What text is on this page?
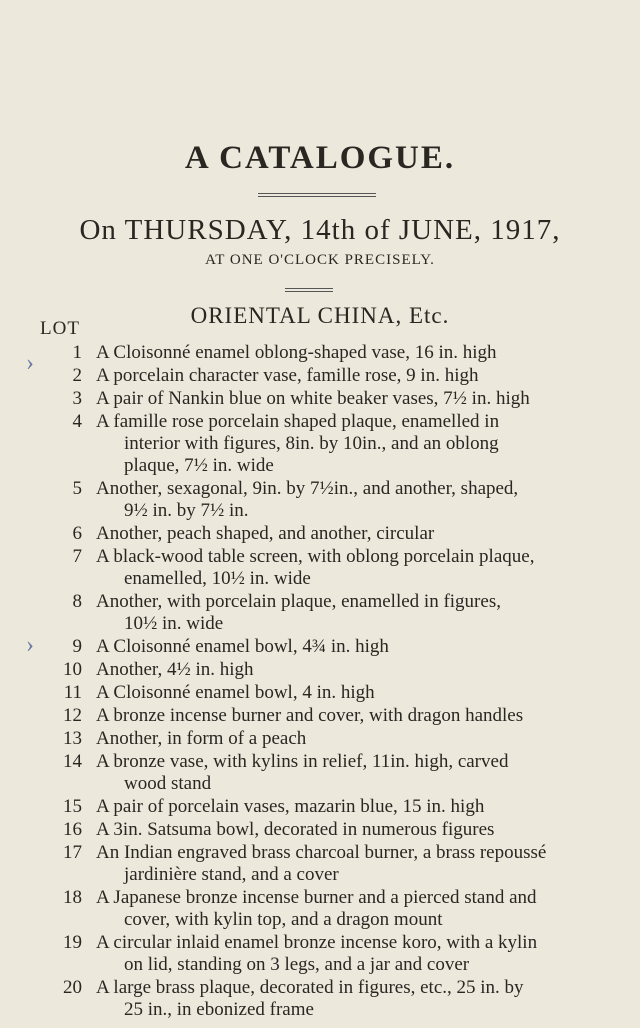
›
›
A CATALOGUE.
On THURSDAY, 14th of JUNE, 1917,
AT ONE O'CLOCK PRECISELY.
ORIENTAL CHINA, Etc.
LOT
1 A Cloisonné enamel oblong-shaped vase, 16 in. high
2 A porcelain character vase, famille rose, 9 in. high
3 A pair of Nankin blue on white beaker vases, 7½ in. high
4 A famille rose porcelain shaped plaque, enamelled in
interior with figures, 8in. by 10in., and an oblong
plaque, 7½ in. wide
5 Another, sexagonal, 9in. by 7½in., and another, shaped,
9½ in. by 7½ in.
6 Another, peach shaped, and another, circular
7 A black-wood table screen, with oblong porcelain plaque,
enamelled, 10½ in. wide
8 Another, with porcelain plaque, enamelled in figures,
10½ in. wide
9 A Cloisonné enamel bowl, 4¾ in. high
10 Another, 4½ in. high
11 A Cloisonné enamel bowl, 4 in. high
12 A bronze incense burner and cover, with dragon handles
13 Another, in form of a peach
14 A bronze vase, with kylins in relief, 11in. high, carved
wood stand
15 A pair of porcelain vases, mazarin blue, 15 in. high
16 A 3in. Satsuma bowl, decorated in numerous figures
17 An Indian engraved brass charcoal burner, a brass repoussé
jardinière stand, and a cover
18 A Japanese bronze incense burner and a pierced stand and
cover, with kylin top, and a dragon mount
19 A circular inlaid enamel bronze incense koro, with a kylin
on lid, standing on 3 legs, and a jar and cover
20 A large brass plaque, decorated in figures, etc., 25 in. by
25 in., in ebonized frame
